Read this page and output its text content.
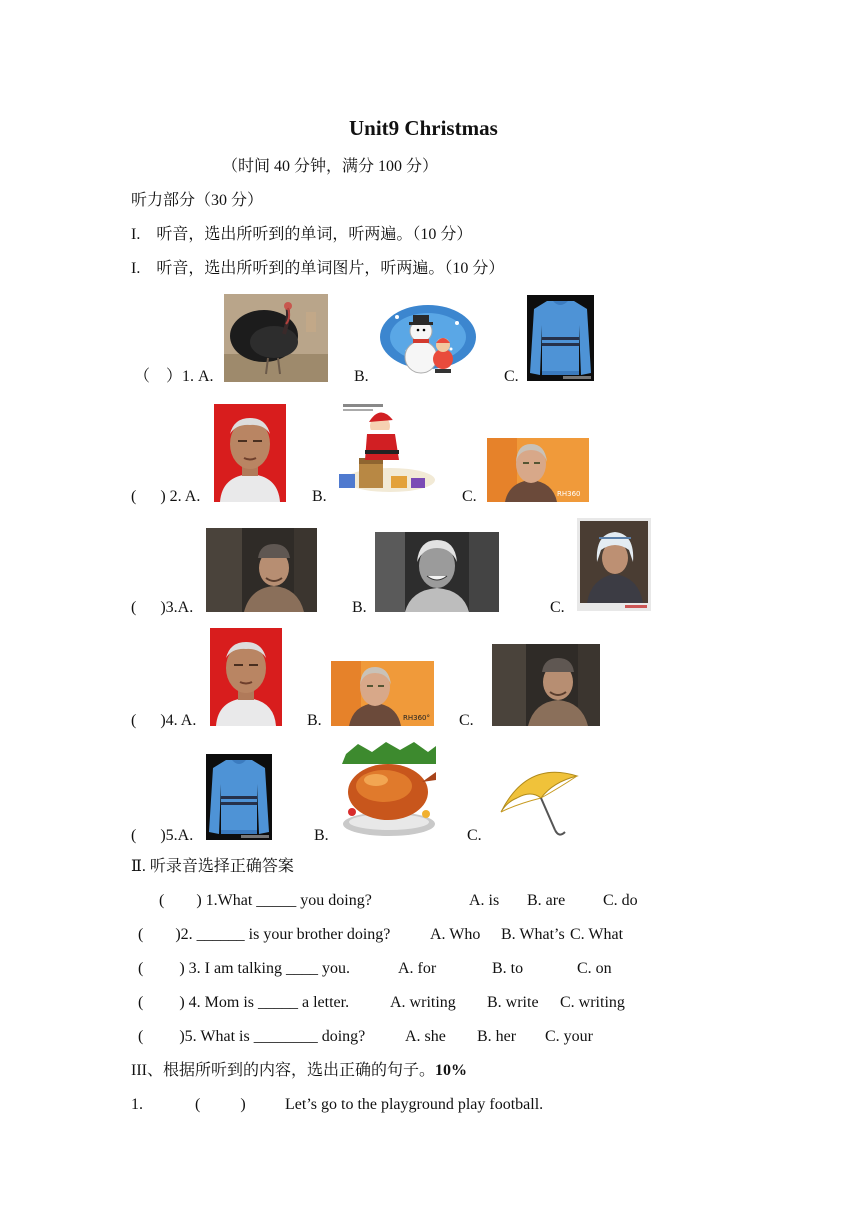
Unit9 Christmas
（时间 40 分钟，满分 100 分）
听力部分（30 分）
I.    听音，选出所听到的单词，听两遍。（10 分）
I.    听音，选出所听到的单词图片，听两遍。（10 分）
（    ）1. A.	B.	C.
(      ) 2. A.	B.	C.	RH360
(      )3.A.	B.	C.
(      )4. A.	B.	RH360° C.
(      )5.A.	B.	C.
Ⅱ. 听录音选择正确答案
(        ) 1.What _____ you doing?	A. is B. are C. do
(        )2. ______ is your brother doing? A. Who B. What’s C. What
(         ) 3. I am talking ____ you.	A. for	B. to	C. on
(         ) 4. Mom is _____ a letter.	A. writing B. write C. writing
(         )5. What is ________ doing? A. she B. her C. your
III、根据所听到的内容，选出正确的句子。10%
1.	(          ) Let’s go to the playground play football.
